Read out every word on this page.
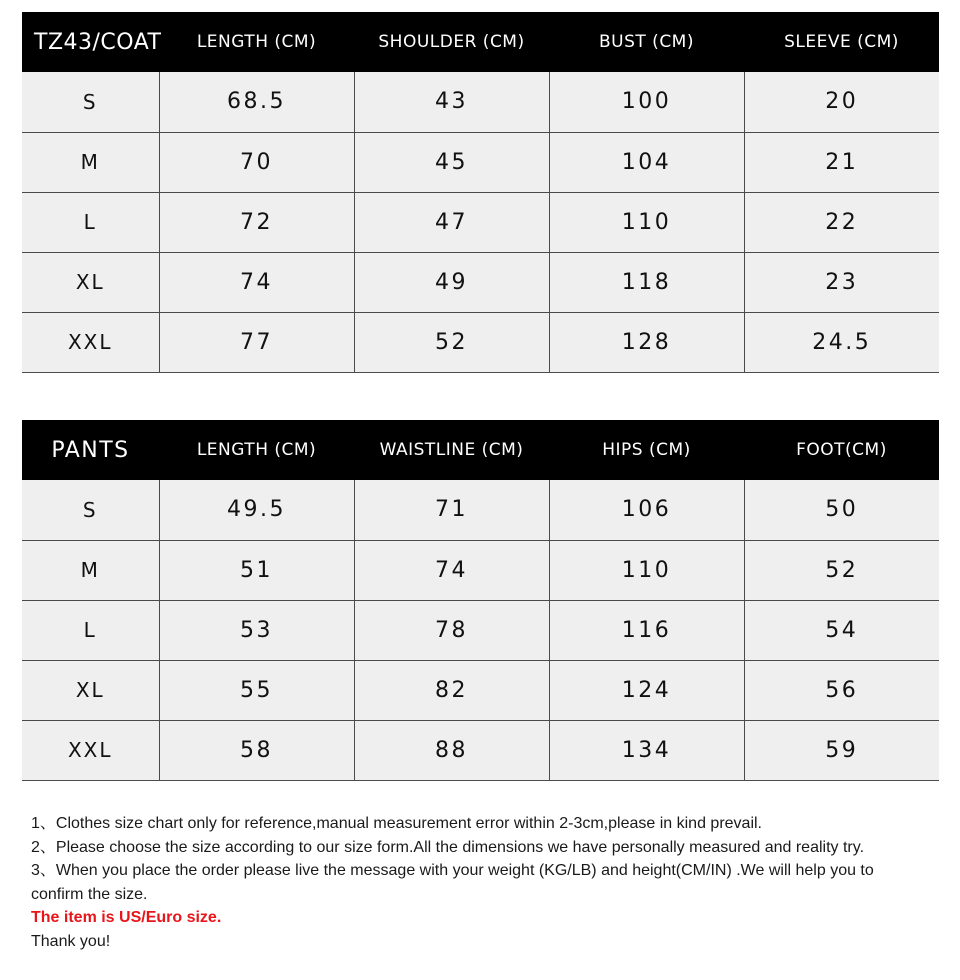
TZ43/COAT	LENGTH (CM)	SHOULDER (CM)	BUST (CM)	SLEEVE (CM)
S	68.5	43	100	20
M	70	45	104	21
L	72	47	110	22
XL	74	49	118	23
XXL	77	52	128	24.5
PANTS	LENGTH (CM)	WAISTLINE (CM)	HIPS (CM)	FOOT(CM)
S	49.5	71	106	50
M	51	74	110	52
L	53	78	116	54
XL	55	82	124	56
XXL	58	88	134	59

1、Clothes size chart only for reference,manual measurement error within 2-3cm,please in kind prevail.

2、Please choose the size according to our size form.All the dimensions we have personally measured and reality try.

3、When you place the order please live the message with your weight (KG/LB) and height(CM/IN) .We will help you to confirm the size.

The item is US/Euro size.

Thank you!
